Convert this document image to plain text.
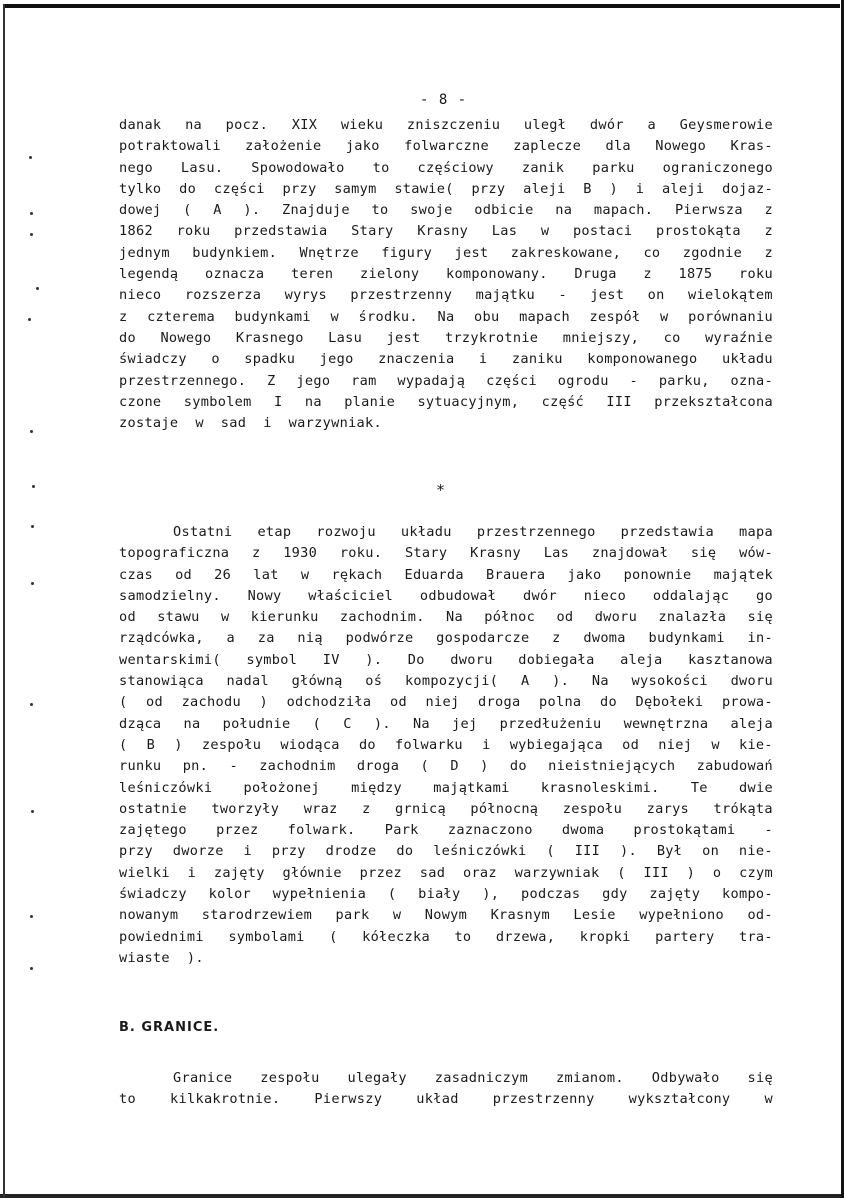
- 8 -
danak na pocz. XIX wieku zniszczeniu uległ dwór a Geysmerowie
potraktowali założenie jako folwarczne zaplecze dla Nowego Kras-
nego Lasu. Spowodowało to częściowy zanik parku ograniczonego
tylko do części przy samym stawie( przy aleji B ) i aleji dojaz-
dowej ( A ). Znajduje to swoje odbicie na mapach. Pierwsza z
1862 roku przedstawia Stary Krasny Las w postaci prostokąta z
jednym budynkiem. Wnętrze figury jest zakreskowane, co zgodnie z
legendą oznacza teren zielony komponowany. Druga z 1875 roku
nieco rozszerza wyrys przestrzenny majątku - jest on wielokątem
z czterema budynkami w środku. Na obu mapach zespół w porównaniu
do Nowego Krasnego Lasu jest trzykrotnie mniejszy, co wyraźnie
świadczy o spadku jego znaczenia i zaniku komponowanego układu
przestrzennego. Z jego ram wypadają części ogrodu - parku, ozna-
czone symbolem I na planie sytuacyjnym, część III przekształcona
zostaje  w  sad  i  warzywniak.
*
Ostatni etap rozwoju układu przestrzennego przedstawia mapa
topograficzna z 1930 roku. Stary Krasny Las znajdował się wów-
czas od 26 lat w rękach Eduarda Brauera jako ponownie majątek
samodzielny. Nowy właściciel odbudował dwór nieco oddalając go
od stawu w kierunku zachodnim. Na północ od dworu znalazła się
rządcówka, a za nią podwórze gospodarcze z dwoma budynkami in-
wentarskimi( symbol IV ). Do dworu dobiegała aleja kasztanowa
stanowiąca nadal główną oś kompozycji( A ). Na wysokości dworu
( od zachodu ) odchodziła od niej droga polna do Dębołeki prowa-
dząca na południe ( C ). Na jej przedłużeniu wewnętrzna aleja
( B ) zespołu wiodąca do folwarku i wybiegająca od niej w kie-
runku pn. - zachodnim droga ( D ) do nieistniejących zabudowań
leśniczówki położonej między majątkami krasnoleskimi. Te dwie
ostatnie tworzyły wraz z grnicą północną zespołu zarys trókąta
zajętego przez folwark. Park zaznaczono dwoma prostokątami -
przy dworze i przy drodze do leśniczówki ( III ). Był on nie-
wielki i zajęty głównie przez sad oraz warzywniak ( III ) o czym
świadczy kolor wypełnienia ( biały ), podczas gdy zajęty kompo-
nowanym starodrzewiem park w Nowym Krasnym Lesie wypełniono od-
powiednimi symbolami ( kółeczka to drzewa, kropki partery tra-
wiaste  ).
B. GRANICE.
Granice zespołu ulegały zasadniczym zmianom. Odbywało się
to	kilkakrotnie.	Pierwszy	układ	przestrzenny	wykształcony	w
